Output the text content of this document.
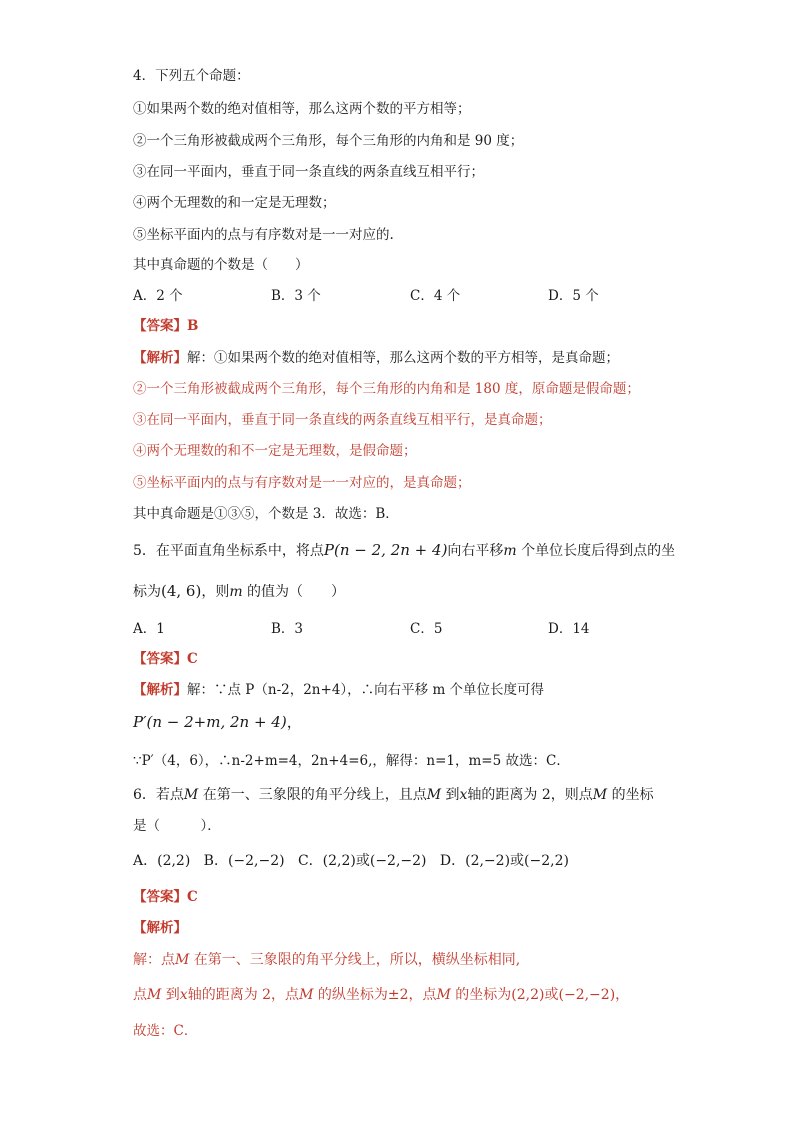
4．下列五个命题：
①如果两个数的绝对值相等，那么这两个数的平方相等；
②一个三角形被截成两个三角形，每个三角形的内角和是 90 度；
③在同一平面内，垂直于同一条直线的两条直线互相平行；
④两个无理数的和一定是无理数；
⑤坐标平面内的点与有序数对是一一对应的.
其中真命题的个数是（　　）
A．2 个	B．3 个	C．4 个	D．5 个
【答案】B
【解析】解：①如果两个数的绝对值相等，那么这两个数的平方相等，是真命题；
②一个三角形被截成两个三角形，每个三角形的内角和是 180 度，原命题是假命题；
③在同一平面内，垂直于同一条直线的两条直线互相平行，是真命题；
④两个无理数的和不一定是无理数，是假命题；
⑤坐标平面内的点与有序数对是一一对应的，是真命题；
其中真命题是①③⑤，个数是 3．故选：B．
5．在平面直角坐标系中，将点P(n − 2, 2n + 4)向右平移m 个单位长度后得到点的坐
标为(4, 6)，则m 的值为（　　）
A．1	B．3	C．5	D．14
【答案】C
【解析】解：∵点 P（n-2，2n+4），∴向右平移 m 个单位长度可得
P′(n − 2+m, 2n + 4)，
∵P′（4，6），∴n-2+m=4，2n+4=6,，解得：n=1，m=5 故选：C．
6．若点M 在第一、三象限的角平分线上，且点M 到x轴的距离为 2，则点M 的坐标
是（　　　）．
A．(2,2) B．(−2,−2) C．(2,2)或(−2,−2) D．(2,−2)或(−2,2)
【答案】C
【解析】
解：点M 在第一、三象限的角平分线上，所以，横纵坐标相同,
点M 到x轴的距离为 2，点M 的纵坐标为±2，点M 的坐标为(2,2)或(−2,−2)，
故选：C．
